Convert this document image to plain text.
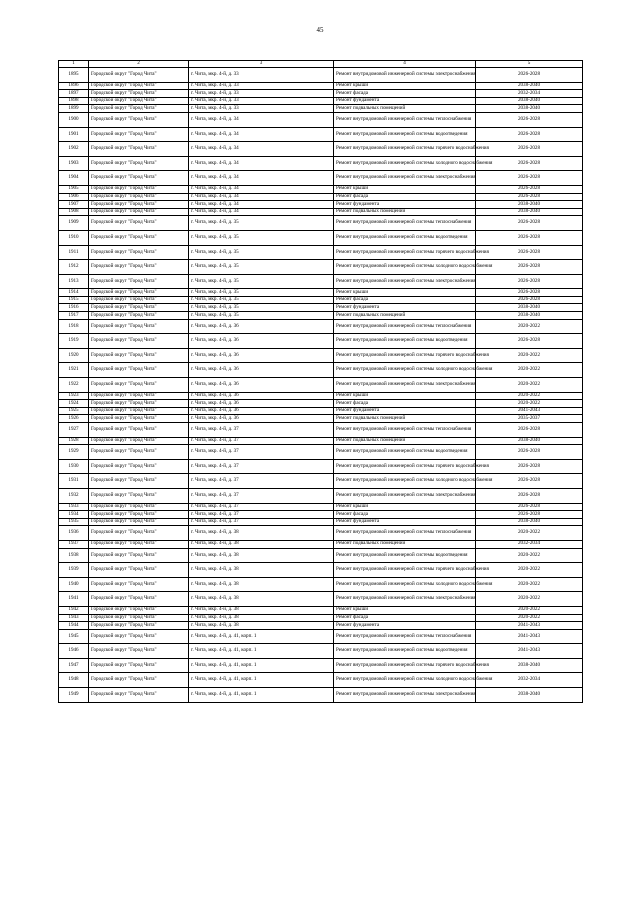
45
1	2	3	4	5
1895	Городской округ "Город Чита"	г. Чита, мкр. 4-й, д. 33	Ремонт внутридомовой инженерной системы электроснабжения	2026-2028
1896	Городской округ "Город Чита"	г. Чита, мкр. 4-й, д. 33	Ремонт крыши	2038-2040
1897	Городской округ "Город Чита"	г. Чита, мкр. 4-й, д. 33	Ремонт фасада	2032-2034
1898	Городской округ "Город Чита"	г. Чита, мкр. 4-й, д. 33	Ремонт фундамента	2038-2040
1899	Городской округ "Город Чита"	г. Чита, мкр. 4-й, д. 33	Ремонт подвальных помещений	2038-2040
1900	Городской округ "Город Чита"	г. Чита, мкр. 4-й, д. 34	Ремонт внутридомовой инженерной системы теплоснабжения	2026-2028
1901	Городской округ "Город Чита"	г. Чита, мкр. 4-й, д. 34	Ремонт внутридомовой инженерной системы водоотведения	2026-2028
1902	Городской округ "Город Чита"	г. Чита, мкр. 4-й, д. 34	Ремонт внутридомовой инженерной системы горячего водоснабжения	2026-2028
1903	Городской округ "Город Чита"	г. Чита, мкр. 4-й, д. 34	Ремонт внутридомовой инженерной системы холодного водоснабжения	2026-2028
1904	Городской округ "Город Чита"	г. Чита, мкр. 4-й, д. 34	Ремонт внутридомовой инженерной системы электроснабжения	2026-2028
1905	Городской округ "Город Чита"	г. Чита, мкр. 4-й, д. 34	Ремонт крыши	2026-2028
1906	Городской округ "Город Чита"	г. Чита, мкр. 4-й, д. 34	Ремонт фасада	2026-2028
1907	Городской округ "Город Чита"	г. Чита, мкр. 4-й, д. 34	Ремонт фундамента	2038-2040
1908	Городской округ "Город Чита"	г. Чита, мкр. 4-й, д. 34	Ремонт подвальных помещений	2038-2040
1909	Городской округ "Город Чита"	г. Чита, мкр. 4-й, д. 35	Ремонт внутридомовой инженерной системы теплоснабжения	2026-2028
1910	Городской округ "Город Чита"	г. Чита, мкр. 4-й, д. 35	Ремонт внутридомовой инженерной системы водоотведения	2026-2028
1911	Городской округ "Город Чита"	г. Чита, мкр. 4-й, д. 35	Ремонт внутридомовой инженерной системы горячего водоснабжения	2026-2028
1912	Городской округ "Город Чита"	г. Чита, мкр. 4-й, д. 35	Ремонт внутридомовой инженерной системы холодного водоснабжения	2026-2028
1913	Городской округ "Город Чита"	г. Чита, мкр. 4-й, д. 35	Ремонт внутридомовой инженерной системы электроснабжения	2026-2028
1914	Городской округ "Город Чита"	г. Чита, мкр. 4-й, д. 35	Ремонт крыши	2026-2028
1915	Городской округ "Город Чита"	г. Чита, мкр. 4-й, д. 35	Ремонт фасада	2026-2028
1916	Городской округ "Город Чита"	г. Чита, мкр. 4-й, д. 35	Ремонт фундамента	2038-2040
1917	Городской округ "Город Чита"	г. Чита, мкр. 4-й, д. 35	Ремонт подвальных помещений	2038-2040
1918	Городской округ "Город Чита"	г. Чита, мкр. 4-й, д. 36	Ремонт внутридомовой инженерной системы теплоснабжения	2020-2022
1919	Городской округ "Город Чита"	г. Чита, мкр. 4-й, д. 36	Ремонт внутридомовой инженерной системы водоотведения	2026-2028
1920	Городской округ "Город Чита"	г. Чита, мкр. 4-й, д. 36	Ремонт внутридомовой инженерной системы горячего водоснабжения	2020-2022
1921	Городской округ "Город Чита"	г. Чита, мкр. 4-й, д. 36	Ремонт внутридомовой инженерной системы холодного водоснабжения	2020-2022
1922	Городской округ "Город Чита"	г. Чита, мкр. 4-й, д. 36	Ремонт внутридомовой инженерной системы электроснабжения	2020-2022
1923	Городской округ "Город Чита"	г. Чита, мкр. 4-й, д. 36	Ремонт крыши	2020-2022
1924	Городской округ "Город Чита"	г. Чита, мкр. 4-й, д. 36	Ремонт фасада	2020-2022
1925	Городской округ "Город Чита"	г. Чита, мкр. 4-й, д. 36	Ремонт фундамента	2041-2043
1926	Городской округ "Город Чита"	г. Чита, мкр. 4-й, д. 36	Ремонт подвальных помещений	2035-2037
1927	Городской округ "Город Чита"	г. Чита, мкр. 4-й, д. 37	Ремонт внутридомовой инженерной системы теплоснабжения	2026-2028
1928	Городской округ "Город Чита"	г. Чита, мкр. 4-й, д. 37	Ремонт подвальных помещений	2038-2040
1929	Городской округ "Город Чита"	г. Чита, мкр. 4-й, д. 37	Ремонт внутридомовой инженерной системы водоотведения	2026-2028
1930	Городской округ "Город Чита"	г. Чита, мкр. 4-й, д. 37	Ремонт внутридомовой инженерной системы горячего водоснабжения	2026-2028
1931	Городской округ "Город Чита"	г. Чита, мкр. 4-й, д. 37	Ремонт внутридомовой инженерной системы холодного водоснабжения	2026-2028
1932	Городской округ "Город Чита"	г. Чита, мкр. 4-й, д. 37	Ремонт внутридомовой инженерной системы электроснабжения	2026-2028
1933	Городской округ "Город Чита"	г. Чита, мкр. 4-й, д. 37	Ремонт крыши	2026-2028
1934	Городской округ "Город Чита"	г. Чита, мкр. 4-й, д. 37	Ремонт фасада	2026-2028
1935	Городской округ "Город Чита"	г. Чита, мкр. 4-й, д. 37	Ремонт фундамента	2038-2040
1936	Городской округ "Город Чита"	г. Чита, мкр. 4-й, д. 38	Ремонт внутридомовой инженерной системы теплоснабжения	2020-2022
1937	Городской округ "Город Чита"	г. Чита, мкр. 4-й, д. 38	Ремонт подвальных помещений	2032-2034
1938	Городской округ "Город Чита"	г. Чита, мкр. 4-й, д. 38	Ремонт внутридомовой инженерной системы водоотведения	2020-2022
1939	Городской округ "Город Чита"	г. Чита, мкр. 4-й, д. 38	Ремонт внутридомовой инженерной системы горячего водоснабжения	2020-2022
1940	Городской округ "Город Чита"	г. Чита, мкр. 4-й, д. 38	Ремонт внутридомовой инженерной системы холодного водоснабжения	2020-2022
1941	Городской округ "Город Чита"	г. Чита, мкр. 4-й, д. 38	Ремонт внутридомовой инженерной системы электроснабжения	2020-2022
1942	Городской округ "Город Чита"	г. Чита, мкр. 4-й, д. 38	Ремонт крыши	2020-2022
1943	Городской округ "Город Чита"	г. Чита, мкр. 4-й, д. 38	Ремонт фасада	2020-2022
1944	Городской округ "Город Чита"	г. Чита, мкр. 4-й, д. 38	Ремонт фундамента	2041-2043
1945	Городской округ "Город Чита"	г. Чита, мкр. 4-й, д. 41, корп. 1	Ремонт внутридомовой инженерной системы теплоснабжения	2041-2043
1946	Городской округ "Город Чита"	г. Чита, мкр. 4-й, д. 41, корп. 1	Ремонт внутридомовой инженерной системы водоотведения	2041-2043
1947	Городской округ "Город Чита"	г. Чита, мкр. 4-й, д. 41, корп. 1	Ремонт внутридомовой инженерной системы горячего водоснабжения	2038-2040
1948	Городской округ "Город Чита"	г. Чита, мкр. 4-й, д. 41, корп. 1	Ремонт внутридомовой инженерной системы холодного водоснабжения	2032-2034
1949	Городской округ "Город Чита"	г. Чита, мкр. 4-й, д. 41, корп. 1	Ремонт внутридомовой инженерной системы электроснабжения	2038-2040
